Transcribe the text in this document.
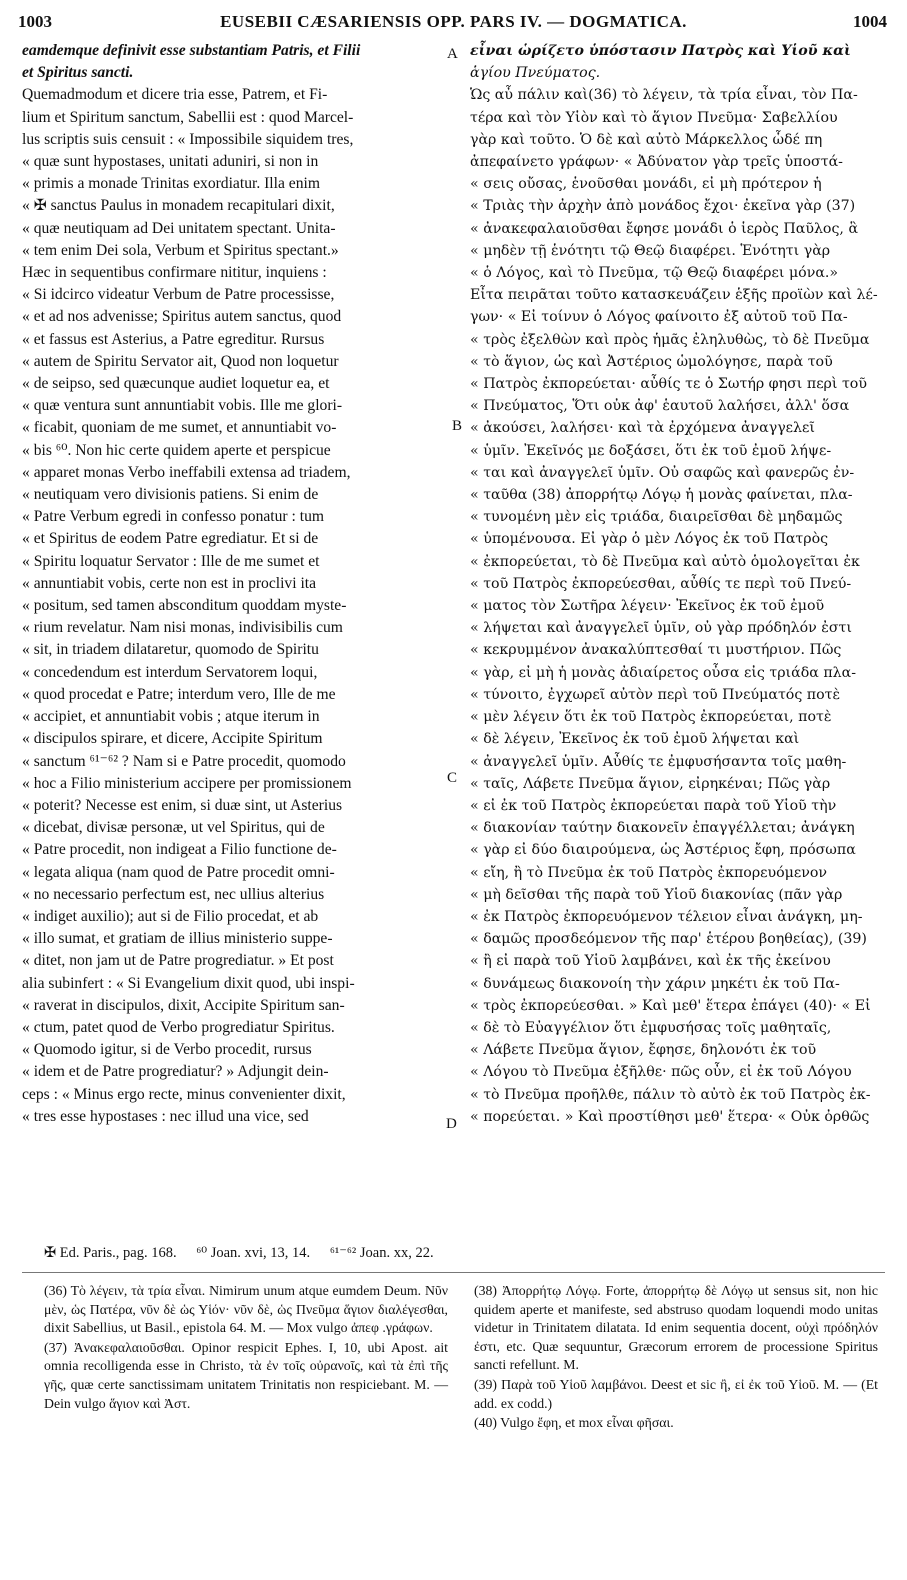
1003	EUSEBII CÆSARIENSIS OPP. PARS IV. — DOGMATICA.	1004
eamdemque definivit esse substantiam Patris, et Filii
et Spiritus sancti.
Quemadmodum et dicere tria esse, Patrem, et Fi-
lium et Spiritum sanctum, Sabellii est : quod Marcel-
lus scriptis suis censuit : « Impossibile siquidem tres,
« quæ sunt hypostases, unitati aduniri, si non in
« primis a monade Trinitas exordiatur. Illa enim
« ✠ sanctus Paulus in monadem recapitulari dixit,
« quæ neutiquam ad Dei unitatem spectant. Unita-
« tem enim Dei sola, Verbum et Spiritus spectant.»
Hæc in sequentibus confirmare nititur, inquiens :
« Si idcirco videatur Verbum de Patre processisse,
« et ad nos advenisse; Spiritus autem sanctus, quod
« et fassus est Asterius, a Patre egreditur. Rursus
« autem de Spiritu Servator ait, Quod non loquetur
« de seipso, sed quæcunque audiet loquetur ea, et
« quæ ventura sunt annuntiabit vobis. Ille me glori-
« ficabit, quoniam de me sumet, et annuntiabit vo-
« bis ⁶⁰. Non hic certe quidem aperte et perspicue
« apparet monas Verbo ineffabili extensa ad triadem,
« neutiquam vero divisionis patiens. Si enim de
« Patre Verbum egredi in confesso ponatur : tum
« et Spiritus de eodem Patre egrediatur. Et si de
« Spiritu loquatur Servator : Ille de me sumet et
« annuntiabit vobis, certe non est in proclivi ita
« positum, sed tamen absconditum quoddam myste-
« rium revelatur. Nam nisi monas, indivisibilis cum
« sit, in triadem dilataretur, quomodo de Spiritu
« concedendum est interdum Servatorem loqui,
« quod procedat e Patre; interdum vero, Ille de me
« accipiet, et annuntiabit vobis ; atque iterum in
« discipulos spirare, et dicere, Accipite Spiritum
« sanctum ⁶¹⁻⁶² ? Nam si e Patre procedit, quomodo
« hoc a Filio ministerium accipere per promissionem
« poterit? Necesse est enim, si duæ sint, ut Asterius
« dicebat, divisæ personæ, ut vel Spiritus, qui de
« Patre procedit, non indigeat a Filio functione de-
« legata aliqua (nam quod de Patre procedit omni-
« no necessario perfectum est, nec ullius alterius
« indiget auxilio); aut si de Filio procedat, et ab
« illo sumat, et gratiam de illius ministerio suppe-
« ditet, non jam ut de Patre progrediatur. » Et post
alia subinfert : « Si Evangelium dixit quod, ubi inspi-
« raverat in discipulos, dixit, Accipite Spiritum san-
« ctum, patet quod de Verbo progrediatur Spiritus.
« Quomodo igitur, si de Verbo procedit, rursus
« idem et de Patre progrediatur? » Adjungit dein-
ceps : « Minus ergo recte, minus convenienter dixit,
« tres esse hypostases : nec illud una vice, sed
εἶναι ὡρίζετο ὑπόστασιν Πατρὸς καὶ Υἱοῦ καὶ
ἁγίου Πνεύματος.
Ὡς αὖ πάλιν καὶ(36) τὸ λέγειν, τὰ τρία εἶναι, τὸν Πα-
τέρα καὶ τὸν Υἱὸν καὶ τὸ ἅγιον Πνεῦμα· Σαβελλίου
γὰρ καὶ τοῦτο. Ὁ δὲ καὶ αὐτὸ Μάρκελλος ὧδέ πη
ἀπεφαίνετο γράφων· « Ἀδύνατον γὰρ τρεῖς ὑποστά-
« σεις οὔσας, ἑνοῦσθαι μονάδι, εἰ μὴ πρότερον ἡ
« Τριὰς τὴν ἀρχὴν ἀπὸ μονάδος ἔχοι· ἐκεῖνα γὰρ (37)
« ἀνακεφαλαιοῦσθαι ἔφησε μονάδι ὁ ἱερὸς Παῦλος, ἃ
« μηδὲν τῇ ἑνότητι τῷ Θεῷ διαφέρει. Ἑνότητι γὰρ
« ὁ Λόγος, καὶ τὸ Πνεῦμα, τῷ Θεῷ διαφέρει μόνα.»
Εἶτα πειρᾶται τοῦτο κατασκευάζειν ἑξῆς προϊὼν καὶ λέ-
γων· « Εἰ τοίνυν ὁ Λόγος φαίνοιτο ἐξ αὐτοῦ τοῦ Πα-
« τρὸς ἐξελθὼν καὶ πρὸς ἡμᾶς ἐληλυθὼς, τὸ δὲ Πνεῦμα
« τὸ ἅγιον, ὡς καὶ Ἀστέριος ὡμολόγησε, παρὰ τοῦ
« Πατρὸς ἐκπορεύεται· αὖθίς τε ὁ Σωτήρ φησι περὶ τοῦ
« Πνεύματος, Ὅτι οὐκ ἀφ' ἑαυτοῦ λαλήσει, ἀλλ' ὅσα
« ἀκούσει, λαλήσει· καὶ τὰ ἐρχόμενα ἀναγγελεῖ
« ὑμῖν. Ἐκεῖνός με δοξάσει, ὅτι ἐκ τοῦ ἐμοῦ λήψε-
« ται καὶ ἀναγγελεῖ ὑμῖν. Οὐ σαφῶς καὶ φανερῶς ἐν-
« ταῦθα (38) ἀπορρήτῳ Λόγῳ ἡ μονὰς φαίνεται, πλα-
« τυνομένη μὲν εἰς τριάδα, διαιρεῖσθαι δὲ μηδαμῶς
« ὑπομένουσα. Εἰ γὰρ ὁ μὲν Λόγος ἐκ τοῦ Πατρὸς
« ἐκπορεύεται, τὸ δὲ Πνεῦμα καὶ αὐτὸ ὁμολογεῖται ἐκ
« τοῦ Πατρὸς ἐκπορεύεσθαι, αὖθίς τε περὶ τοῦ Πνεύ-
« ματος τὸν Σωτῆρα λέγειν· Ἐκεῖνος ἐκ τοῦ ἐμοῦ
« λήψεται καὶ ἀναγγελεῖ ὑμῖν, οὐ γὰρ πρόδηλόν ἐστι
« κεκρυμμένον ἀνακαλύπτεσθαί τι μυστήριον. Πῶς
« γὰρ, εἰ μὴ ἡ μονὰς ἀδιαίρετος οὖσα εἰς τριάδα πλα-
« τύνοιτο, ἐγχωρεῖ αὐτὸν περὶ τοῦ Πνεύματός ποτὲ
« μὲν λέγειν ὅτι ἐκ τοῦ Πατρὸς ἐκπορεύεται, ποτὲ
« δὲ λέγειν, Ἐκεῖνος ἐκ τοῦ ἐμοῦ λήψεται καὶ
« ἀναγγελεῖ ὑμῖν. Αὖθίς τε ἐμφυσήσαντα τοῖς μαθη-
« ταῖς, Λάβετε Πνεῦμα ἅγιον, εἰρηκέναι; Πῶς γὰρ
« εἰ ἐκ τοῦ Πατρὸς ἐκπορεύεται παρὰ τοῦ Υἱοῦ τὴν
« διακονίαν ταύτην διακονεῖν ἐπαγγέλλεται; ἀνάγκη
« γὰρ εἰ δύο διαιρούμενα, ὡς Ἀστέριος ἔφη, πρόσωπα
« εἴη, ἢ τὸ Πνεῦμα ἐκ τοῦ Πατρὸς ἐκπορευόμενον
« μὴ δεῖσθαι τῆς παρὰ τοῦ Υἱοῦ διακονίας (πᾶν γὰρ
« ἐκ Πατρὸς ἐκπορευόμενον τέλειον εἶναι ἀνάγκη, μη-
« δαμῶς προσδεόμενον τῆς παρ' ἑτέρου βοηθείας), (39)
« ἢ εἰ παρὰ τοῦ Υἱοῦ λαμβάνει, καὶ ἐκ τῆς ἐκείνου
« δυνάμεως διακονοίη τὴν χάριν μηκέτι ἐκ τοῦ Πα-
« τρὸς ἐκπορεύεσθαι. » Καὶ μεθ' ἕτερα ἐπάγει (40)· « Εἰ
« δὲ τὸ Εὐαγγέλιον ὅτι ἐμφυσήσας τοῖς μαθηταῖς,
« Λάβετε Πνεῦμα ἅγιον, ἔφησε, δηλονότι ἐκ τοῦ
« Λόγου τὸ Πνεῦμα ἐξῆλθε· πῶς οὖν, εἰ ἐκ τοῦ Λόγου
« τὸ Πνεῦμα προῆλθε, πάλιν τὸ αὐτὸ ἐκ τοῦ Πατρὸς ἐκ-
« πορεύεται. » Καὶ προστίθησι μεθ' ἕτερα· « Οὐκ ὀρθῶς
A
B
C
D
✠ Ed. Paris., pag. 168. ⁶⁰ Joan. xvi, 13, 14. ⁶¹⁻⁶² Joan. xx, 22.

(36) Τὸ λέγειν, τὰ τρία εἶναι. Nimirum unum atque eumdem Deum. Νῦν μὲν, ὡς Πατέρα, νῦν δὲ ὡς Υἱόν· νῦν δὲ, ὡς Πνεῦμα ἅγιον διαλέγεσθαι, dixit Sabellius, ut Basil., epistola 64. M. — Mox vulgo ἀπεφ .γράφων.

(37) Ἀνακεφαλαιοῦσθαι. Opinor respicit Ephes. I, 10, ubi Apost. ait omnia recolligenda esse in Christo, τὰ ἐν τοῖς οὐρανοῖς, καὶ τὰ ἐπὶ τῆς γῆς, quæ certe sanctissimam unitatem Trinitatis non respiciebant. M. — Dein vulgo ἅγιον καὶ Ἀστ.

(38) Ἀπορρήτῳ Λόγῳ. Forte, ἀπορρήτῳ δὲ Λόγῳ ut sensus sit, non hic quidem aperte et manifeste, sed abstruso quodam loquendi modo unitas videtur in Trinitatem dilatata. Id enim sequentia docent, οὐχὶ πρόδηλόν ἐστι, etc. Quæ sequuntur, Græcorum errorem de processione Spiritus sancti refellunt. M.

(39) Παρὰ τοῦ Υἱοῦ λαμβάνοι. Deest et sic ἢ, εἰ ἐκ τοῦ Υἱοῦ. M. — (Et add. ex codd.)

(40) Vulgo ἔφη, et mox εἶναι φῆσαι.
